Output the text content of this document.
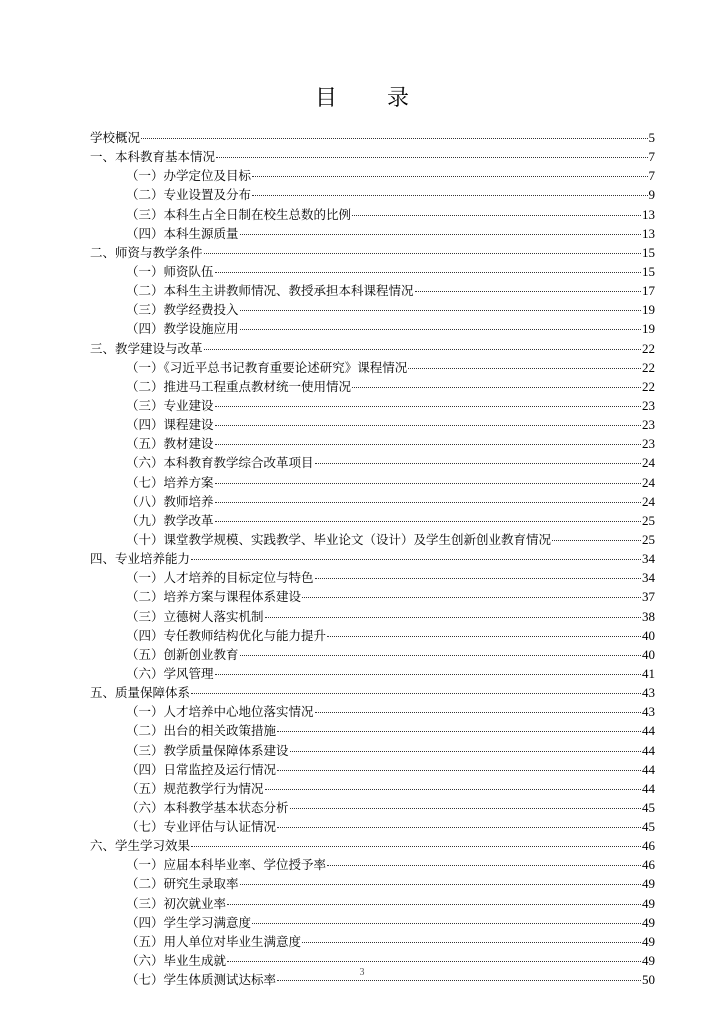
目　录
学校概况	5
一、本科教育基本情况	7
（一）办学定位及目标	7
（二）专业设置及分布	9
（三）本科生占全日制在校生总数的比例	13
（四）本科生源质量	13
二、师资与教学条件	15
（一）师资队伍	15
（二）本科生主讲教师情况、教授承担本科课程情况	17
（三）教学经费投入	19
（四）教学设施应用	19
三、教学建设与改革	22
（一）《习近平总书记教育重要论述研究》课程情况	22
（二）推进马工程重点教材统一使用情况	22
（三）专业建设	23
（四）课程建设	23
（五）教材建设	23
（六）本科教育教学综合改革项目	24
（七）培养方案	24
（八）教师培养	24
（九）教学改革	25
（十）课堂教学规模、实践教学、毕业论文（设计）及学生创新创业教育情况	25
四、专业培养能力	34
（一）人才培养的目标定位与特色	34
（二）培养方案与课程体系建设	37
（三）立德树人落实机制	38
（四）专任教师结构优化与能力提升	40
（五）创新创业教育	40
（六）学风管理	41
五、质量保障体系	43
（一）人才培养中心地位落实情况	43
（二）出台的相关政策措施	44
（三）教学质量保障体系建设	44
（四）日常监控及运行情况	44
（五）规范教学行为情况	44
（六）本科教学基本状态分析	45
（七）专业评估与认证情况	45
六、学生学习效果	46
（一）应届本科毕业率、学位授予率	46
（二）研究生录取率	49
（三）初次就业率	49
（四）学生学习满意度	49
（五）用人单位对毕业生满意度	49
（六）毕业生成就	49
（七）学生体质测试达标率	50
3
